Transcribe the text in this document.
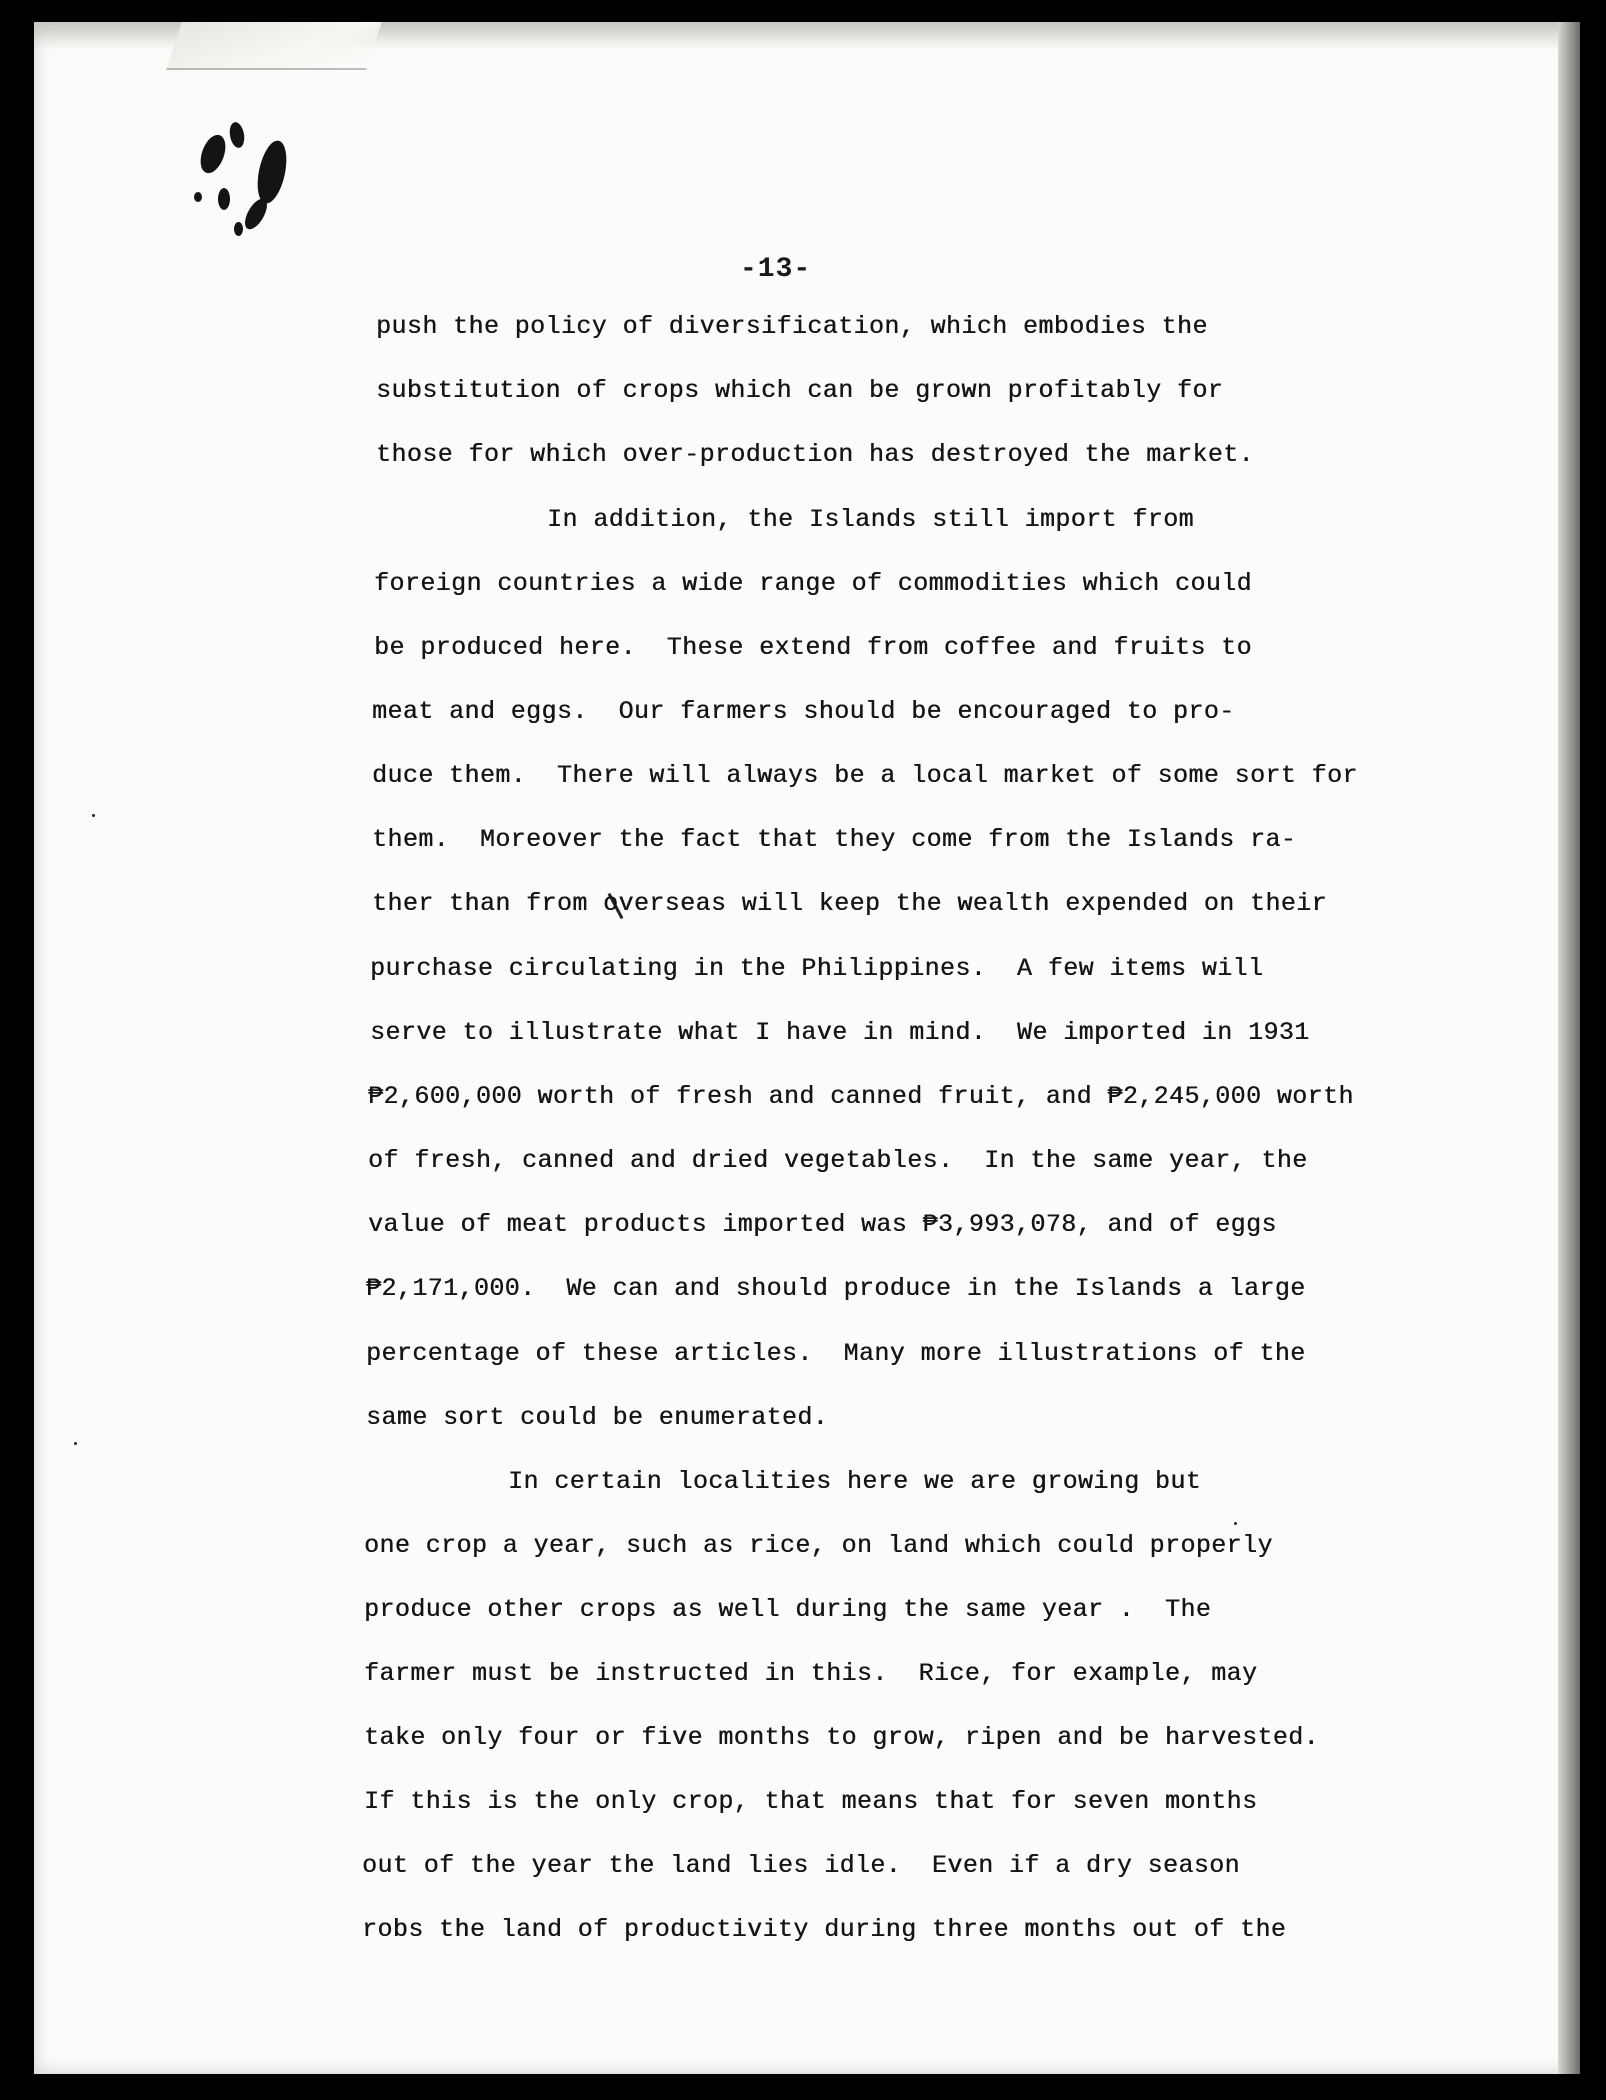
-13-
push the policy of diversification, which embodies the
substitution of crops which can be grown profitably for
those for which over-production has destroyed the market.
In addition, the Islands still import from
foreign countries a wide range of commodities which could
be produced here.  These extend from coffee and fruits to
meat and eggs.  Our farmers should be encouraged to pro-
duce them.  There will always be a local market of some sort for
them.  Moreover the fact that they come from the Islands ra-
ther than from overseas will keep the wealth expended on their
purchase circulating in the Philippines.  A few items will
serve to illustrate what I have in mind.  We imported in 1931
₱2,600,000 worth of fresh and canned fruit, and ₱2,245,000 worth
of fresh, canned and dried vegetables.  In the same year, the
value of meat products imported was ₱3,993,078, and of eggs
₱2,171,000.  We can and should produce in the Islands a large
percentage of these articles.  Many more illustrations of the
same sort could be enumerated.
In certain localities here we are growing but
one crop a year, such as rice, on land which could properly
produce other crops as well during the same year .  The
farmer must be instructed in this.  Rice, for example, may
take only four or five months to grow, ripen and be harvested.
If this is the only crop, that means that for seven months
out of the year the land lies idle.  Even if a dry season
robs the land of productivity during three months out of the
